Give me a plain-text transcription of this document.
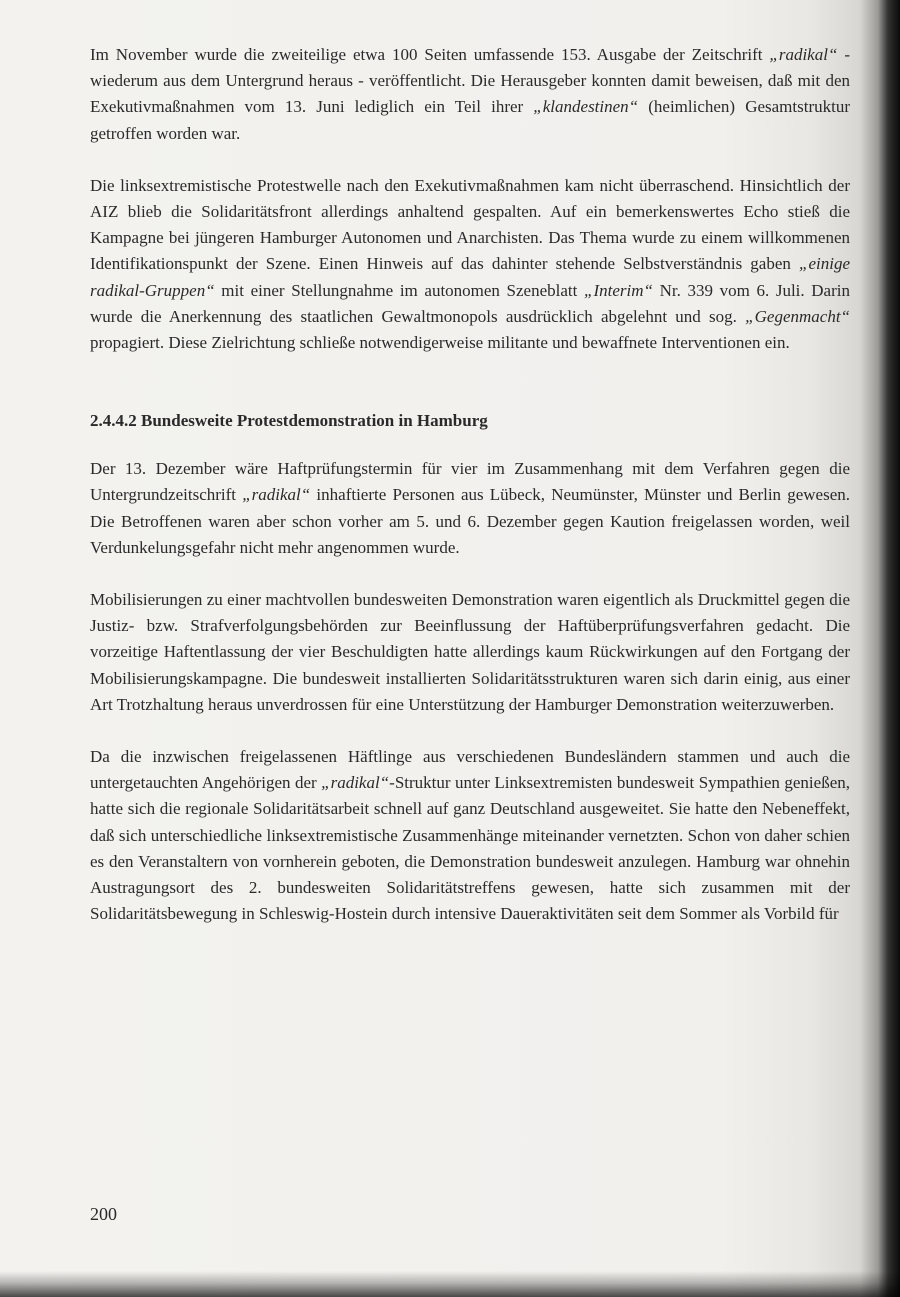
Im November wurde die zweiteilige etwa 100 Seiten umfassende 153. Ausgabe der Zeitschrift „radikal“ - wiederum aus dem Untergrund heraus - veröffentlicht. Die Herausgeber konnten damit beweisen, daß mit den Exekutivmaßnahmen vom 13. Juni lediglich ein Teil ihrer „klandestinen“ (heimlichen) Gesamtstruktur getroffen worden war.

Die linksextremistische Protestwelle nach den Exekutivmaßnahmen kam nicht überraschend. Hinsichtlich der AIZ blieb die Solidaritätsfront allerdings anhaltend gespalten. Auf ein bemerkenswertes Echo stieß die Kampagne bei jüngeren Hamburger Autonomen und Anarchisten. Das Thema wurde zu einem willkommenen Identifikationspunkt der Szene. Einen Hinweis auf das dahinter stehende Selbstverständnis gaben „einige radikal-Gruppen“ mit einer Stellungnahme im autonomen Szeneblatt „Interim“ Nr. 339 vom 6. Juli. Darin wurde die Anerkennung des staatlichen Gewaltmonopols ausdrücklich abgelehnt und sog. „Gegenmacht“ propagiert. Diese Zielrichtung schließe notwendigerweise militante und bewaffnete Interventionen ein.

2.4.4.2 Bundesweite Protestdemonstration in Hamburg

Der 13. Dezember wäre Haftprüfungstermin für vier im Zusammenhang mit dem Verfahren gegen die Untergrundzeitschrift „radikal“ inhaftierte Personen aus Lübeck, Neumünster, Münster und Berlin gewesen. Die Betroffenen waren aber schon vorher am 5. und 6. Dezember gegen Kaution freigelassen worden, weil Verdunkelungsgefahr nicht mehr angenommen wurde.

Mobilisierungen zu einer machtvollen bundesweiten Demonstration waren eigentlich als Druckmittel gegen die Justiz- bzw. Strafverfolgungsbehörden zur Beeinflussung der Haftüberprüfungsverfahren gedacht. Die vorzeitige Haftentlassung der vier Beschuldigten hatte allerdings kaum Rückwirkungen auf den Fortgang der Mobilisierungskampagne. Die bundesweit installierten Solidaritätsstrukturen waren sich darin einig, aus einer Art Trotzhaltung heraus unverdrossen für eine Unterstützung der Hamburger Demonstration weiterzuwerben.

Da die inzwischen freigelassenen Häftlinge aus verschiedenen Bundesländern stammen und auch die untergetauchten Angehörigen der „radikal“-Struktur unter Linksextremisten bundesweit Sympathien genießen, hatte sich die regionale Solidaritätsarbeit schnell auf ganz Deutschland ausgeweitet. Sie hatte den Nebeneffekt, daß sich unterschiedliche linksextremistische Zusammenhänge miteinander vernetzten. Schon von daher schien es den Veranstaltern von vornherein geboten, die Demonstration bundesweit anzulegen. Hamburg war ohnehin Austragungsort des 2. bundesweiten Solidaritätstreffens gewesen, hatte sich zusammen mit der Solidaritätsbewegung in Schleswig-Hostein durch intensive Daueraktivitäten seit dem Sommer als Vorbild für

200
